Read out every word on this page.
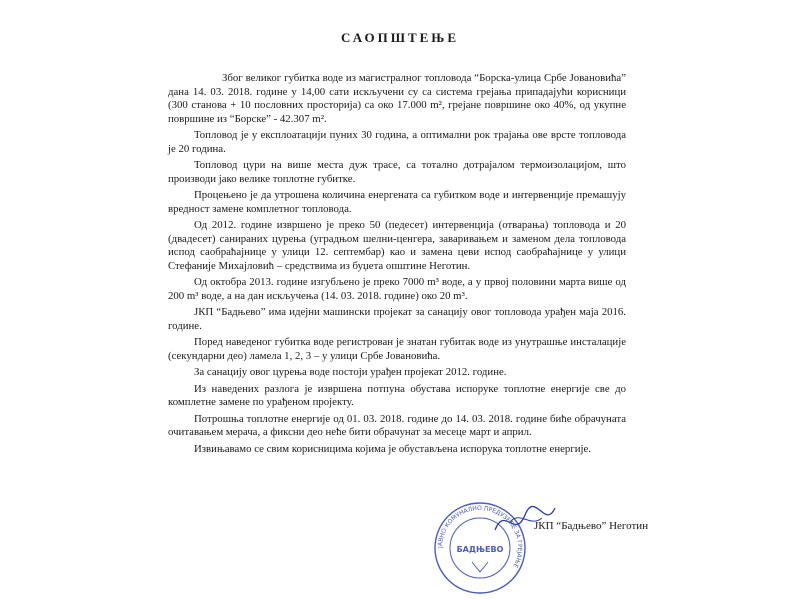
САОПШТЕЊЕ

Због великог губитка воде из магистралног топловода “Борска-улица Србе Јовановића” дана 14. 03. 2018. године у 14,00 сати искључени су са система грејања припадајући корисници (300 станова + 10 пословних просторија) са око 17.000 m², грејане површине око 40%, од укупне површине из “Борске” - 42.307 m².

Топловод је у експлоатацији пуних 30 година, а оптимални рок трајања ове врсте топловода је 20 година.

Топловод цури на више места дуж трасе, са тотално дотрајалом термоизолацијом, што производи јако велике топлотне губитке.

Процењено је да утрошена количина енергената са губитком воде и интервенције премашују вредност замене комплетног топловода.

Од 2012. године извршено је преко 50 (педесет) интервенција (отварања) топловода и 20 (двадесет) санираних цурења (уградњом шелни-ценгера, заваривањем и заменом дела топловода испод саобраћајнице у улици 12. септембар) као и замена цеви испод саобраћајнице у улици Стефаније Михајловић – средствима из буџета општине Неготин.

Од октобра 2013. године изгубљено је преко 7000 m³ воде, а у првој половини марта више од 200 m³ воде, а на дан искључења (14. 03. 2018. године) око 20 m³.

ЈКП “Бадњево” има идејни машински пројекат за санацију овог топловода урађен маја 2016. године.

Поред наведеног губитка воде регистрован је знатан губитак воде из унутрашње инсталације (секундарни део) ламела 1, 2, 3 – у улици Србе Јовановића.

За санацију овог цурења воде постоји урађен пројекат 2012. године.

Из наведених разлога је извршена потпуна обустава испоруке топлотне енергије све до комплетне замене по урађеном пројекту.

Потрошња топлотне енергије од 01. 03. 2018. године до 14. 03. 2018. године биће обрачуната очитавањем мерача, а фиксни део неће бити обрачунат за месеце март и април.

Извињавамо се свим корисницима којима је обустављена испорука топлотне енергије.

ЈАВНО КОМУНАЛНО ПРЕДУЗЕЋЕ ЗА ГРЕЈАЊЕ
БАДЊЕВО
ЈКП “Бадњево” Неготин
